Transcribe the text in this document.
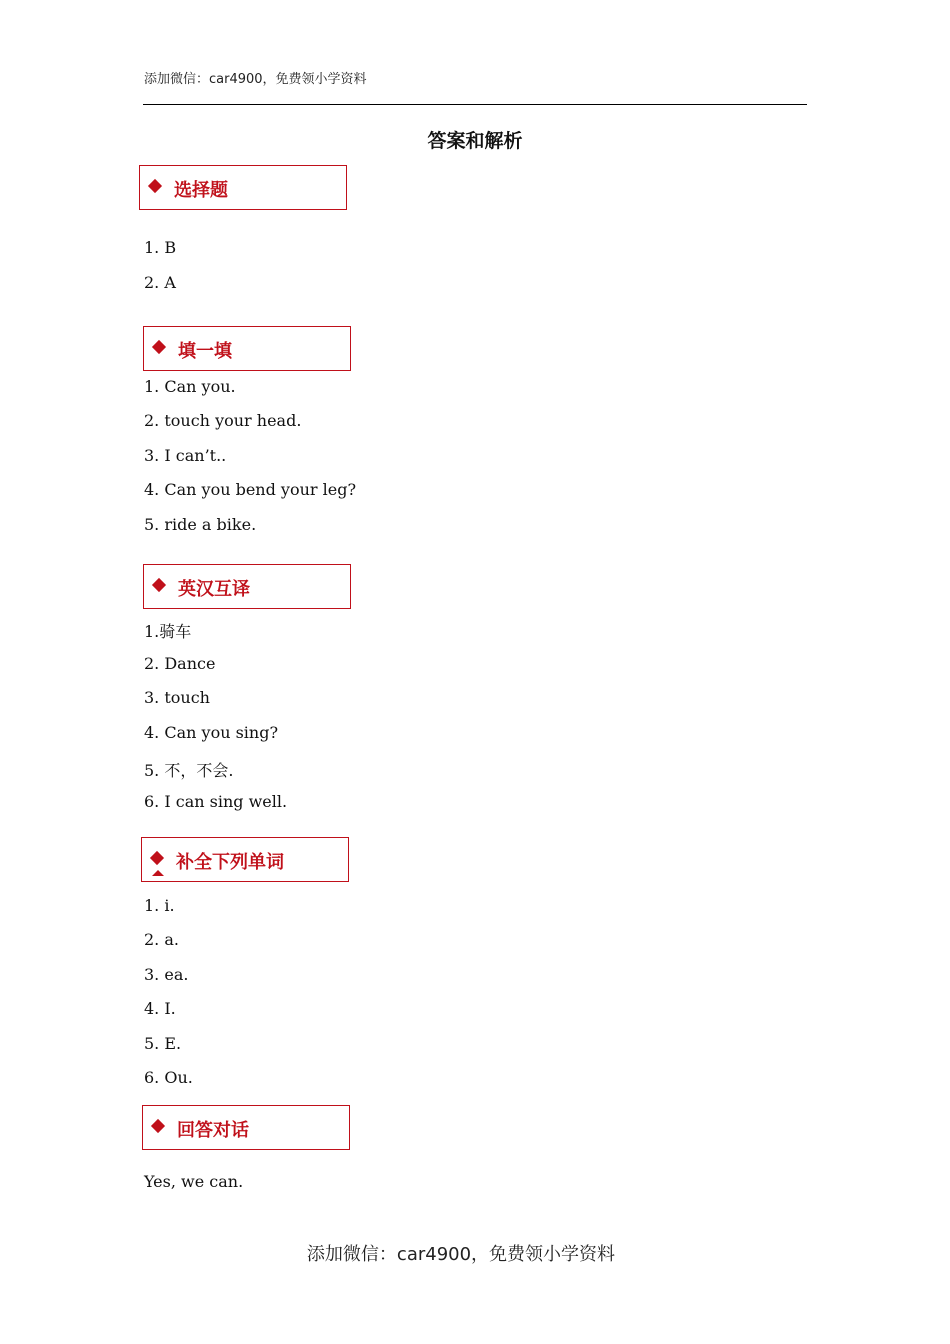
添加微信：car4900，免费领小学资料
答案和解析
选择题
1. B
2. A
填一填
1. Can you.
2. touch your head.
3. I can’t..
4. Can you bend your leg?
5. ride a bike.
英汉互译
1.骑车
2. Dance
3. touch
4. Can you sing?
5. 不，不会.
6. I can sing well.
补全下列单词
1. i.
2. a.
3. ea.
4. I.
5. E.
6. Ou.
回答对话
Yes, we can.
添加微信：car4900，免费领小学资料
